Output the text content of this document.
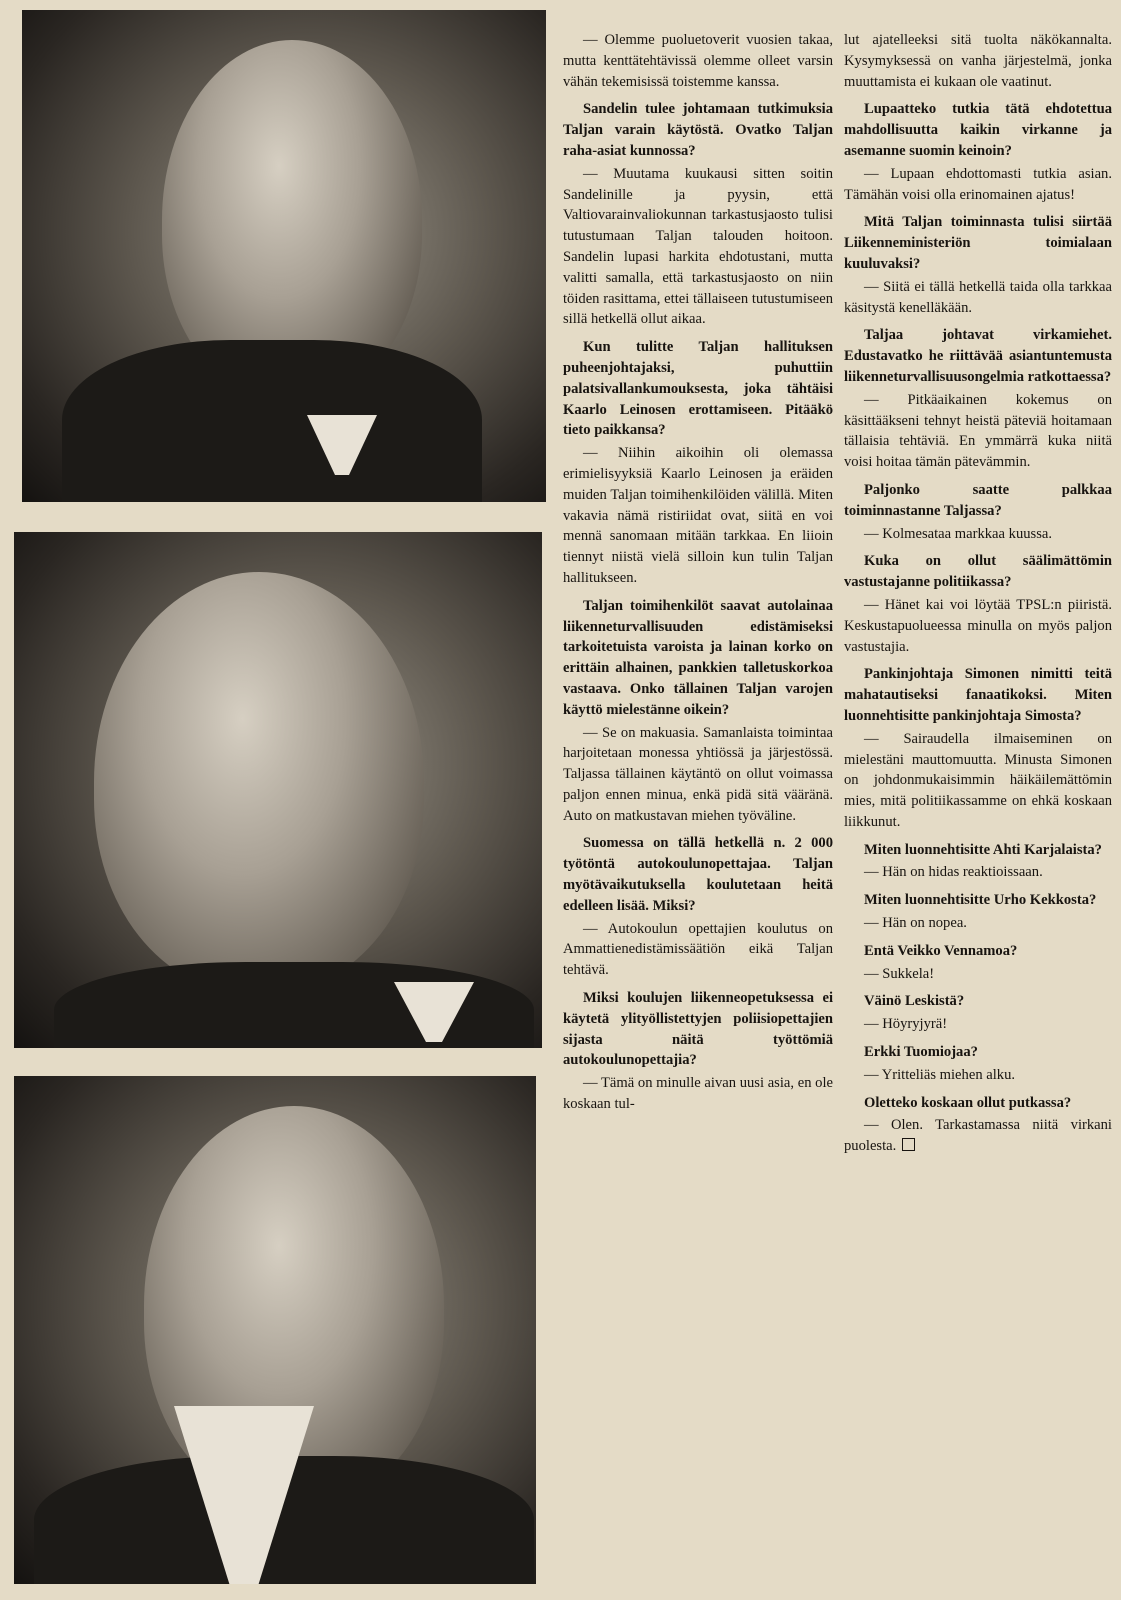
— Olemme puoluetoverit vuosien takaa, mutta kenttätehtävissä olemme olleet varsin vähän tekemisissä toistemme kanssa.

Sandelin tulee johtamaan tutkimuksia Taljan varain käytöstä. Ovatko Taljan raha-asiat kunnossa?

— Muutama kuukausi sitten soitin Sandelinille ja pyysin, että Valtiovarainvaliokunnan tarkastusjaosto tulisi tutustumaan Taljan talouden hoitoon. Sandelin lupasi harkita ehdotustani, mutta valitti samalla, että tarkastusjaosto on niin töiden rasittama, ettei tällaiseen tutustumiseen sillä hetkellä ollut aikaa.

Kun tulitte Taljan hallituksen puheenjohtajaksi, puhuttiin palatsivallankumouksesta, joka tähtäisi Kaarlo Leinosen erottamiseen. Pitääkö tieto paikkansa?

— Niihin aikoihin oli olemassa erimielisyyksiä Kaarlo Leinosen ja eräiden muiden Taljan toimihenkilöiden välillä. Miten vakavia nämä ristiriidat ovat, siitä en voi mennä sanomaan mitään tarkkaa. En liioin tiennyt niistä vielä silloin kun tulin Taljan hallitukseen.

Taljan toimihenkilöt saavat autolainaa liikenneturvallisuuden edistämiseksi tarkoitetuista varoista ja lainan korko on erittäin alhainen, pankkien talletuskorkoa vastaava. Onko tällainen Taljan varojen käyttö mielestänne oikein?

— Se on makuasia. Samanlaista toimintaa harjoitetaan monessa yhtiössä ja järjestössä. Taljassa tällainen käytäntö on ollut voimassa paljon ennen minua, enkä pidä sitä vääränä. Auto on matkustavan miehen työväline.

Suomessa on tällä hetkellä n. 2 000 työtöntä autokoulunopettajaa. Taljan myötävaikutuksella koulutetaan heitä edelleen lisää. Miksi?

— Autokoulun opettajien koulutus on Ammattienedistämissäätiön eikä Taljan tehtävä.

Miksi koulujen liikenneopetuksessa ei käytetä ylityöllistettyjen poliisiopettajien sijasta näitä työttömiä autokoulunopettajia?

— Tämä on minulle aivan uusi asia, en ole koskaan tul-

lut ajatelleeksi sitä tuolta näkökannalta. Kysymyksessä on vanha järjestelmä, jonka muuttamista ei kukaan ole vaatinut.

Lupaatteko tutkia tätä ehdotettua mahdollisuutta kaikin virkanne ja asemanne suomin keinoin?

— Lupaan ehdottomasti tutkia asian. Tämähän voisi olla erinomainen ajatus!

Mitä Taljan toiminnasta tulisi siirtää Liikenneministeriön toimialaan kuuluvaksi?

— Siitä ei tällä hetkellä taida olla tarkkaa käsitystä kenelläkään.

Taljaa johtavat virkamiehet. Edustavatko he riittävää asiantuntemusta liikenneturvallisuusongelmia ratkottaessa?

— Pitkäaikainen kokemus on käsittääkseni tehnyt heistä päteviä hoitamaan tällaisia tehtäviä. En ymmärrä kuka niitä voisi hoitaa tämän pätevämmin.

Paljonko saatte palkkaa toiminnastanne Taljassa?

— Kolmesataa markkaa kuussa.

Kuka on ollut säälimättömin vastustajanne politiikassa?

— Hänet kai voi löytää TPSL:n piiristä. Keskustapuolueessa minulla on myös paljon vastustajia.

Pankinjohtaja Simonen nimitti teitä mahatautiseksi fanaatikoksi. Miten luonnehtisitte pankinjohtaja Simosta?

— Sairaudella ilmaiseminen on mielestäni mauttomuutta. Minusta Simonen on johdonmukaisimmin häikäilemättömin mies, mitä politiikassamme on ehkä koskaan liikkunut.

Miten luonnehtisitte Ahti Karjalaista?

— Hän on hidas reaktioissaan.

Miten luonnehtisitte Urho Kekkosta?

— Hän on nopea.

Entä Veikko Vennamoa?

— Sukkela!

Väinö Leskistä?

— Höyryjyrä!

Erkki Tuomiojaa?

— Yritteliäs miehen alku.

Oletteko koskaan ollut putkassa?

— Olen. Tarkastamassa niitä virkani puolesta.
